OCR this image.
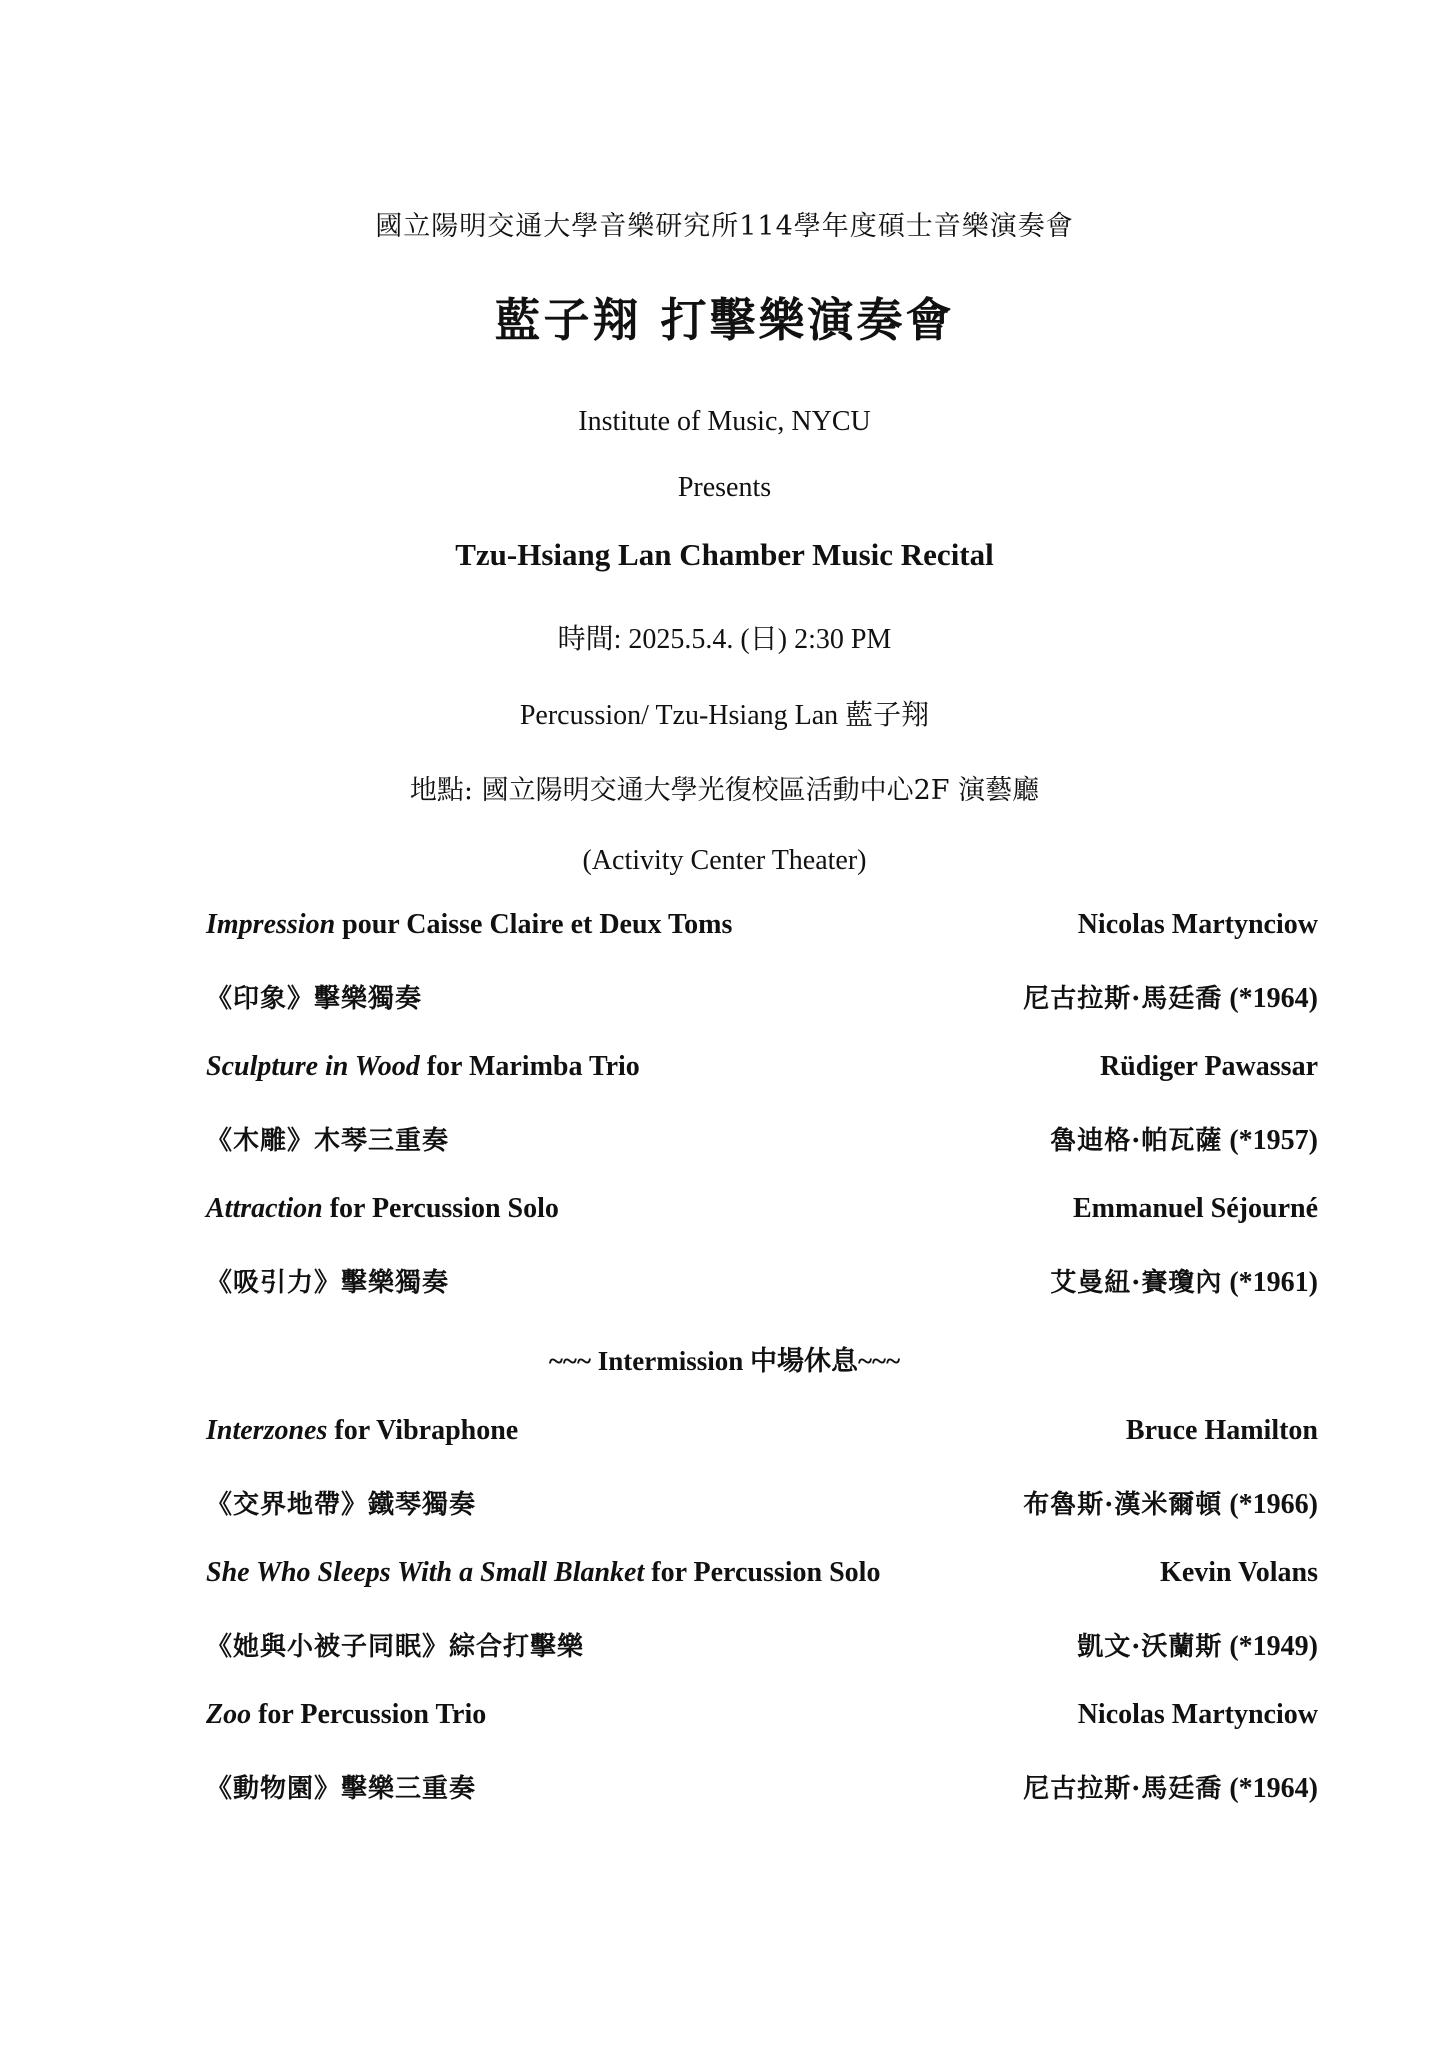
國立陽明交通大學音樂研究所114學年度碩士音樂演奏會
藍子翔 打擊樂演奏會
Institute of Music, NYCU
Presents
Tzu-Hsiang Lan Chamber Music Recital
時間: 2025.5.4. (日) 2:30 PM
Percussion/ Tzu-Hsiang Lan 藍子翔
地點: 國立陽明交通大學光復校區活動中心2F 演藝廳
(Activity Center Theater)
Impression pour Caisse Claire et Deux Toms	Nicolas Martynciow
《印象》擊樂獨奏	尼古拉斯·馬廷喬 (*1964)
Sculpture in Wood for Marimba Trio	Rüdiger Pawassar
《木雕》木琴三重奏	魯迪格·帕瓦薩 (*1957)
Attraction for Percussion Solo	Emmanuel Séjourné
《吸引力》擊樂獨奏	艾曼紐·賽瓊內 (*1961)
~~~ Intermission 中場休息~~~
Interzones for Vibraphone	Bruce Hamilton
《交界地帶》鐵琴獨奏	布魯斯·漢米爾頓 (*1966)
She Who Sleeps With a Small Blanket for Percussion Solo	Kevin Volans
《她與小被子同眠》綜合打擊樂	凱文·沃蘭斯 (*1949)
Zoo for Percussion Trio	Nicolas Martynciow
《動物園》擊樂三重奏	尼古拉斯·馬廷喬 (*1964)
